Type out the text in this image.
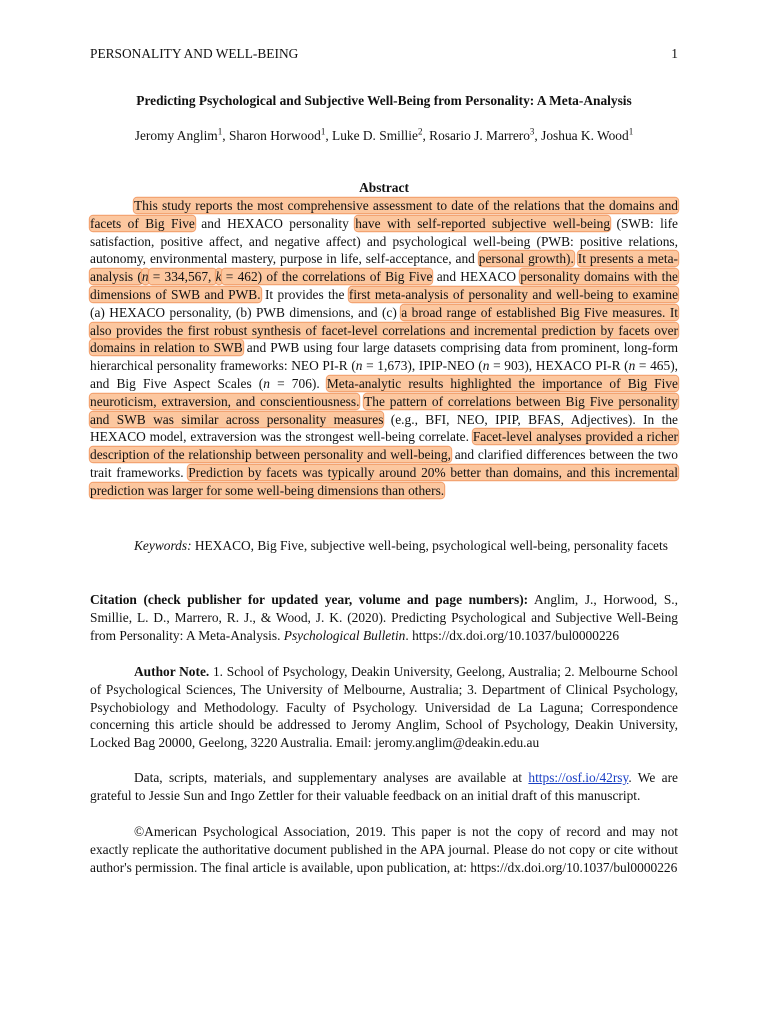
PERSONALITY AND WELL-BEING	1
Predicting Psychological and Subjective Well-Being from Personality: A Meta-Analysis
Jeromy Anglim$^1$, Sharon Horwood$^1$, Luke D. Smillie$^2$, Rosario J. Marrero$^3$, Joshua K. Wood$^1$
Abstract
This study reports the most comprehensive assessment to date of the relations that the domains and facets of Big Five and HEXACO personality have with self-reported subjective well-being (SWB: life satisfaction, positive affect, and negative affect) and psychological well-being (PWB: positive relations, autonomy, environmental mastery, purpose in life, self-acceptance, and personal growth). It presents a meta-analysis (n = 334,567, k = 462) of the correlations of Big Five and HEXACO personality domains with the dimensions of SWB and PWB. It provides the first meta-analysis of personality and well-being to examine (a) HEXACO personality, (b) PWB dimensions, and (c) a broad range of established Big Five measures. It also provides the first robust synthesis of facet-level correlations and incremental prediction by facets over domains in relation to SWB and PWB using four large datasets comprising data from prominent, long-form hierarchical personality frameworks: NEO PI-R (n = 1,673), IPIP-NEO (n = 903), HEXACO PI-R (n = 465), and Big Five Aspect Scales (n = 706). Meta-analytic results highlighted the importance of Big Five neuroticism, extraversion, and conscientiousness. The pattern of correlations between Big Five personality and SWB was similar across personality measures (e.g., BFI, NEO, IPIP, BFAS, Adjectives). In the HEXACO model, extraversion was the strongest well-being correlate. Facet-level analyses provided a richer description of the relationship between personality and well-being, and clarified differences between the two trait frameworks. Prediction by facets was typically around 20% better than domains, and this incremental prediction was larger for some well-being dimensions than others.
Keywords: HEXACO, Big Five, subjective well-being, psychological well-being, personality facets
Citation (check publisher for updated year, volume and page numbers): Anglim, J., Horwood, S., Smillie, L. D., Marrero, R. J., & Wood, J. K. (2020). Predicting Psychological and Subjective Well-Being from Personality: A Meta-Analysis. Psychological Bulletin. https://dx.doi.org/10.1037/bul0000226
Author Note. 1. School of Psychology, Deakin University, Geelong, Australia; 2. Melbourne School of Psychological Sciences, The University of Melbourne, Australia; 3. Department of Clinical Psychology, Psychobiology and Methodology. Faculty of Psychology. Universidad de La Laguna; Correspondence concerning this article should be addressed to Jeromy Anglim, School of Psychology, Deakin University, Locked Bag 20000, Geelong, 3220 Australia. Email: jeromy.anglim@deakin.edu.au
Data, scripts, materials, and supplementary analyses are available at https://osf.io/42rsy. We are grateful to Jessie Sun and Ingo Zettler for their valuable feedback on an initial draft of this manuscript.
©American Psychological Association, 2019. This paper is not the copy of record and may not exactly replicate the authoritative document published in the APA journal. Please do not copy or cite without author's permission. The final article is available, upon publication, at: https://dx.doi.org/10.1037/bul0000226
